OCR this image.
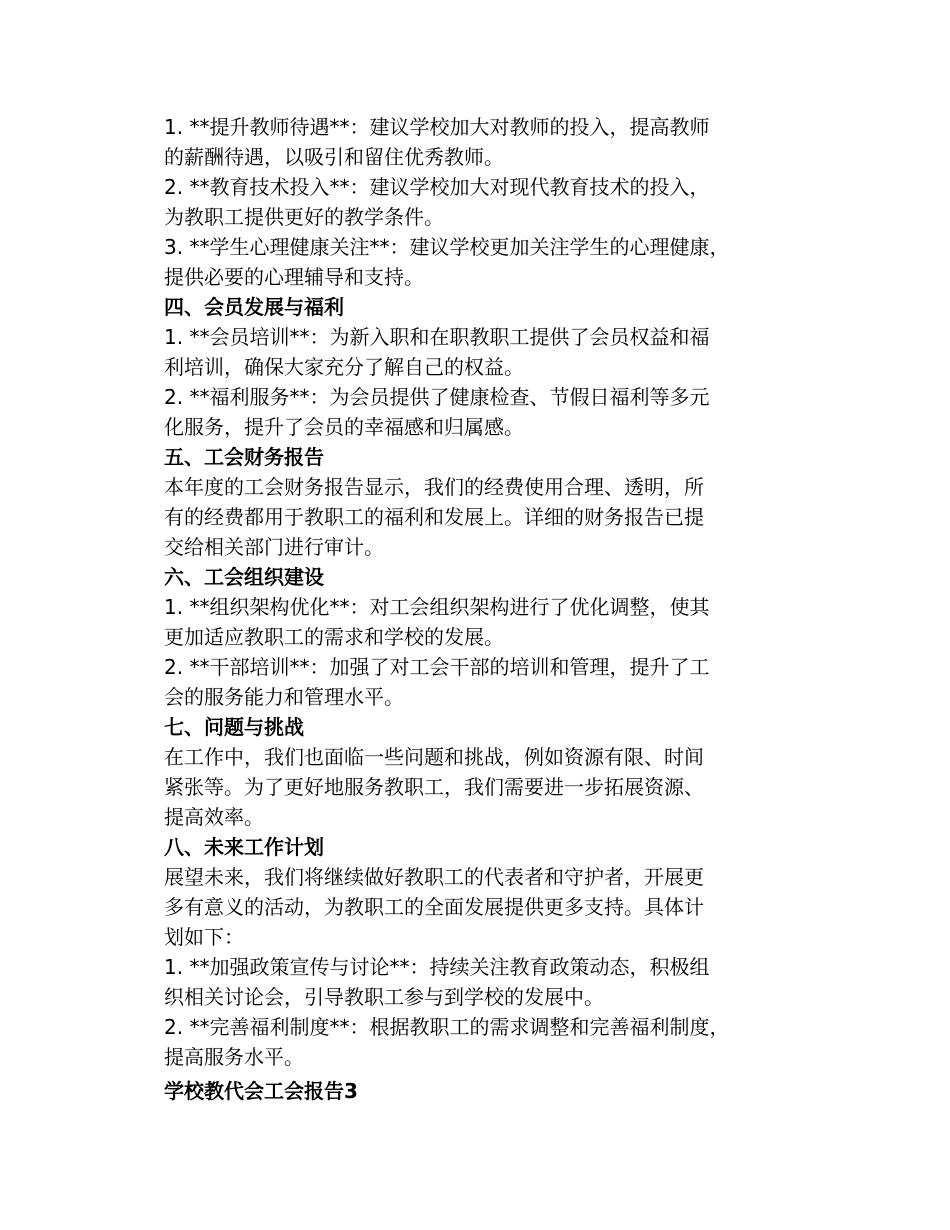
1. **提升教师待遇**：建议学校加大对教师的投入，提高教师
的薪酬待遇，以吸引和留住优秀教师。
2. **教育技术投入**：建议学校加大对现代教育技术的投入，
为教职工提供更好的教学条件。
3. **学生心理健康关注**：建议学校更加关注学生的心理健康，
提供必要的心理辅导和支持。
四、会员发展与福利
1. **会员培训**：为新入职和在职教职工提供了会员权益和福
利培训，确保大家充分了解自己的权益。
2. **福利服务**：为会员提供了健康检查、节假日福利等多元
化服务，提升了会员的幸福感和归属感。
五、工会财务报告
本年度的工会财务报告显示，我们的经费使用合理、透明，所
有的经费都用于教职工的福利和发展上。详细的财务报告已提
交给相关部门进行审计。
六、工会组织建设
1. **组织架构优化**：对工会组织架构进行了优化调整，使其
更加适应教职工的需求和学校的发展。
2. **干部培训**：加强了对工会干部的培训和管理，提升了工
会的服务能力和管理水平。
七、问题与挑战
在工作中，我们也面临一些问题和挑战，例如资源有限、时间
紧张等。为了更好地服务教职工，我们需要进一步拓展资源、
提高效率。
八、未来工作计划
展望未来，我们将继续做好教职工的代表者和守护者，开展更
多有意义的活动，为教职工的全面发展提供更多支持。具体计
划如下：
1. **加强政策宣传与讨论**：持续关注教育政策动态，积极组
织相关讨论会，引导教职工参与到学校的发展中。
2. **完善福利制度**：根据教职工的需求调整和完善福利制度，
提高服务水平。
学校教代会工会报告3
